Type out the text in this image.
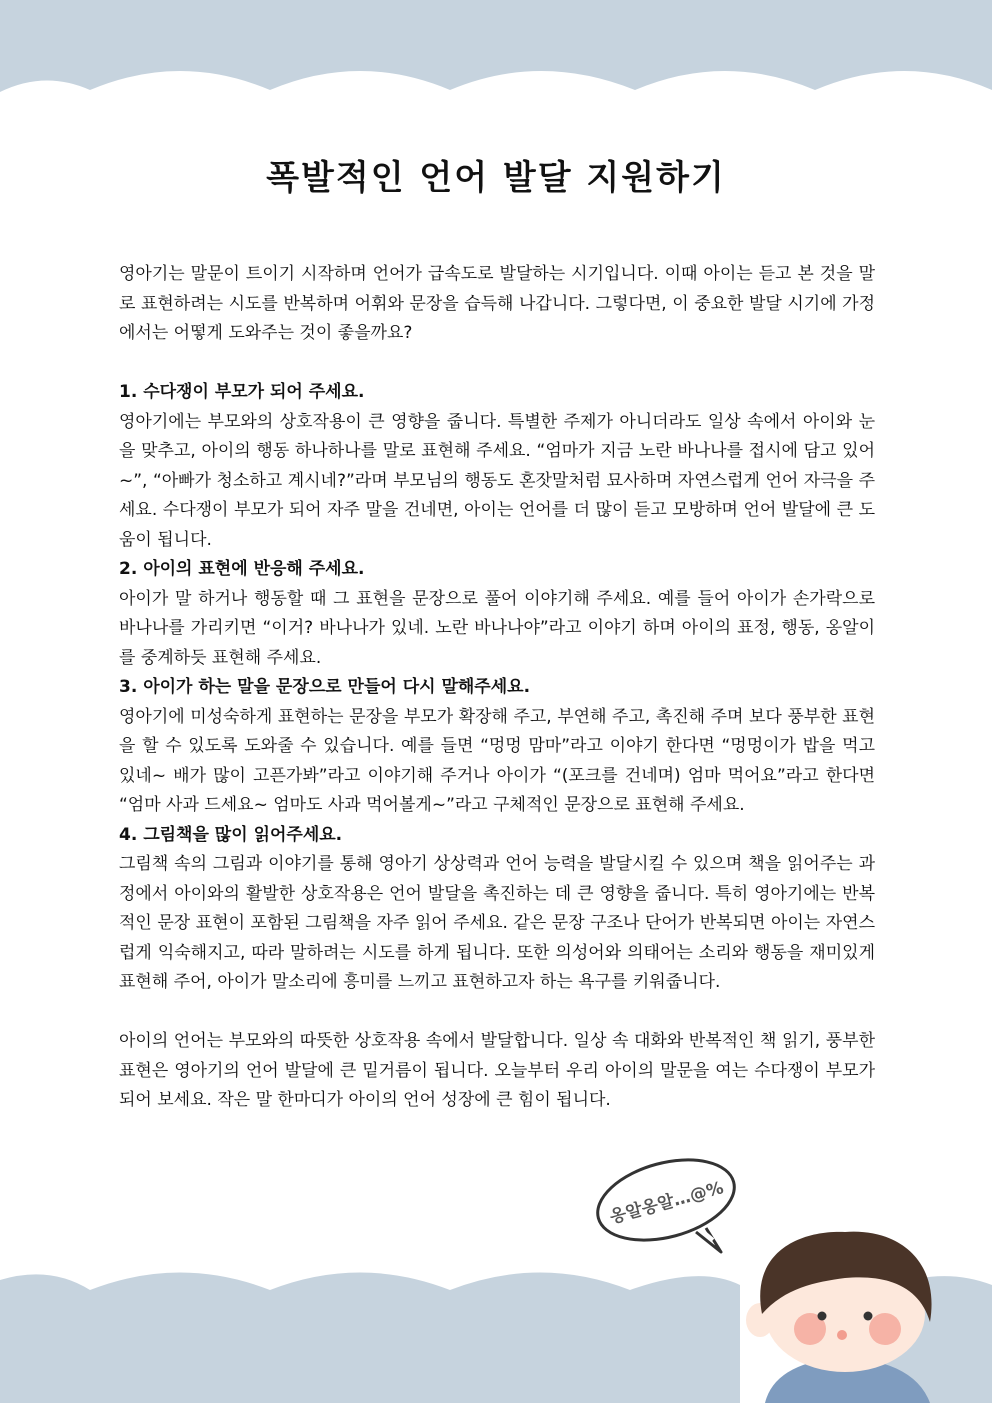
폭발적인 언어 발달 지원하기

영아기는 말문이 트이기 시작하며 언어가 급속도로 발달하는 시기입니다. 이때 아이는 듣고 본 것을 말로 표현하려는 시도를 반복하며 어휘와 문장을 습득해 나갑니다. 그렇다면, 이 중요한 발달 시기에 가정에서는 어떻게 도와주는 것이 좋을까요?

1. 수다쟁이 부모가 되어 주세요.

영아기에는 부모와의 상호작용이 큰 영향을 줍니다. 특별한 주제가 아니더라도 일상 속에서 아이와 눈을 맞추고, 아이의 행동 하나하나를 말로 표현해 주세요. “엄마가 지금 노란 바나나를 접시에 담고 있어~”, “아빠가 청소하고 계시네?”라며 부모님의 행동도 혼잣말처럼 묘사하며 자연스럽게 언어 자극을 주세요. 수다쟁이 부모가 되어 자주 말을 건네면, 아이는 언어를 더 많이 듣고 모방하며 언어 발달에 큰 도움이 됩니다.

2. 아이의 표현에 반응해 주세요.

아이가 말 하거나 행동할 때 그 표현을 문장으로 풀어 이야기해 주세요. 예를 들어 아이가 손가락으로 바나나를 가리키면 “이거? 바나나가 있네. 노란 바나나야”라고 이야기 하며 아이의 표정, 행동, 옹알이를 중계하듯 표현해 주세요.

3. 아이가 하는 말을 문장으로 만들어 다시 말해주세요.

영아기에 미성숙하게 표현하는 문장을 부모가 확장해 주고, 부연해 주고, 촉진해 주며 보다 풍부한 표현을 할 수 있도록 도와줄 수 있습니다. 예를 들면 “멍멍 맘마”라고 이야기 한다면 “멍멍이가 밥을 먹고 있네~ 배가 많이 고픈가봐”라고 이야기해 주거나 아이가 “(포크를 건네며) 엄마 먹어요”라고 한다면 “엄마 사과 드세요~ 엄마도 사과 먹어볼게~”라고 구체적인 문장으로 표현해 주세요.

4. 그림책을 많이 읽어주세요.

그림책 속의 그림과 이야기를 통해 영아기 상상력과 언어 능력을 발달시킬 수 있으며 책을 읽어주는 과정에서 아이와의 활발한 상호작용은 언어 발달을 촉진하는 데 큰 영향을 줍니다. 특히 영아기에는 반복적인 문장 표현이 포함된 그림책을 자주 읽어 주세요. 같은 문장 구조나 단어가 반복되면 아이는 자연스럽게 익숙해지고, 따라 말하려는 시도를 하게 됩니다. 또한 의성어와 의태어는 소리와 행동을 재미있게 표현해 주어, 아이가 말소리에 흥미를 느끼고 표현하고자 하는 욕구를 키워줍니다.

아이의 언어는 부모와의 따뜻한 상호작용 속에서 발달합니다. 일상 속 대화와 반복적인 책 읽기, 풍부한 표현은 영아기의 언어 발달에 큰 밑거름이 됩니다. 오늘부터 우리 아이의 말문을 여는 수다쟁이 부모가 되어 보세요. 작은 말 한마디가 아이의 언어 성장에 큰 힘이 됩니다.

옹알옹알…@%
